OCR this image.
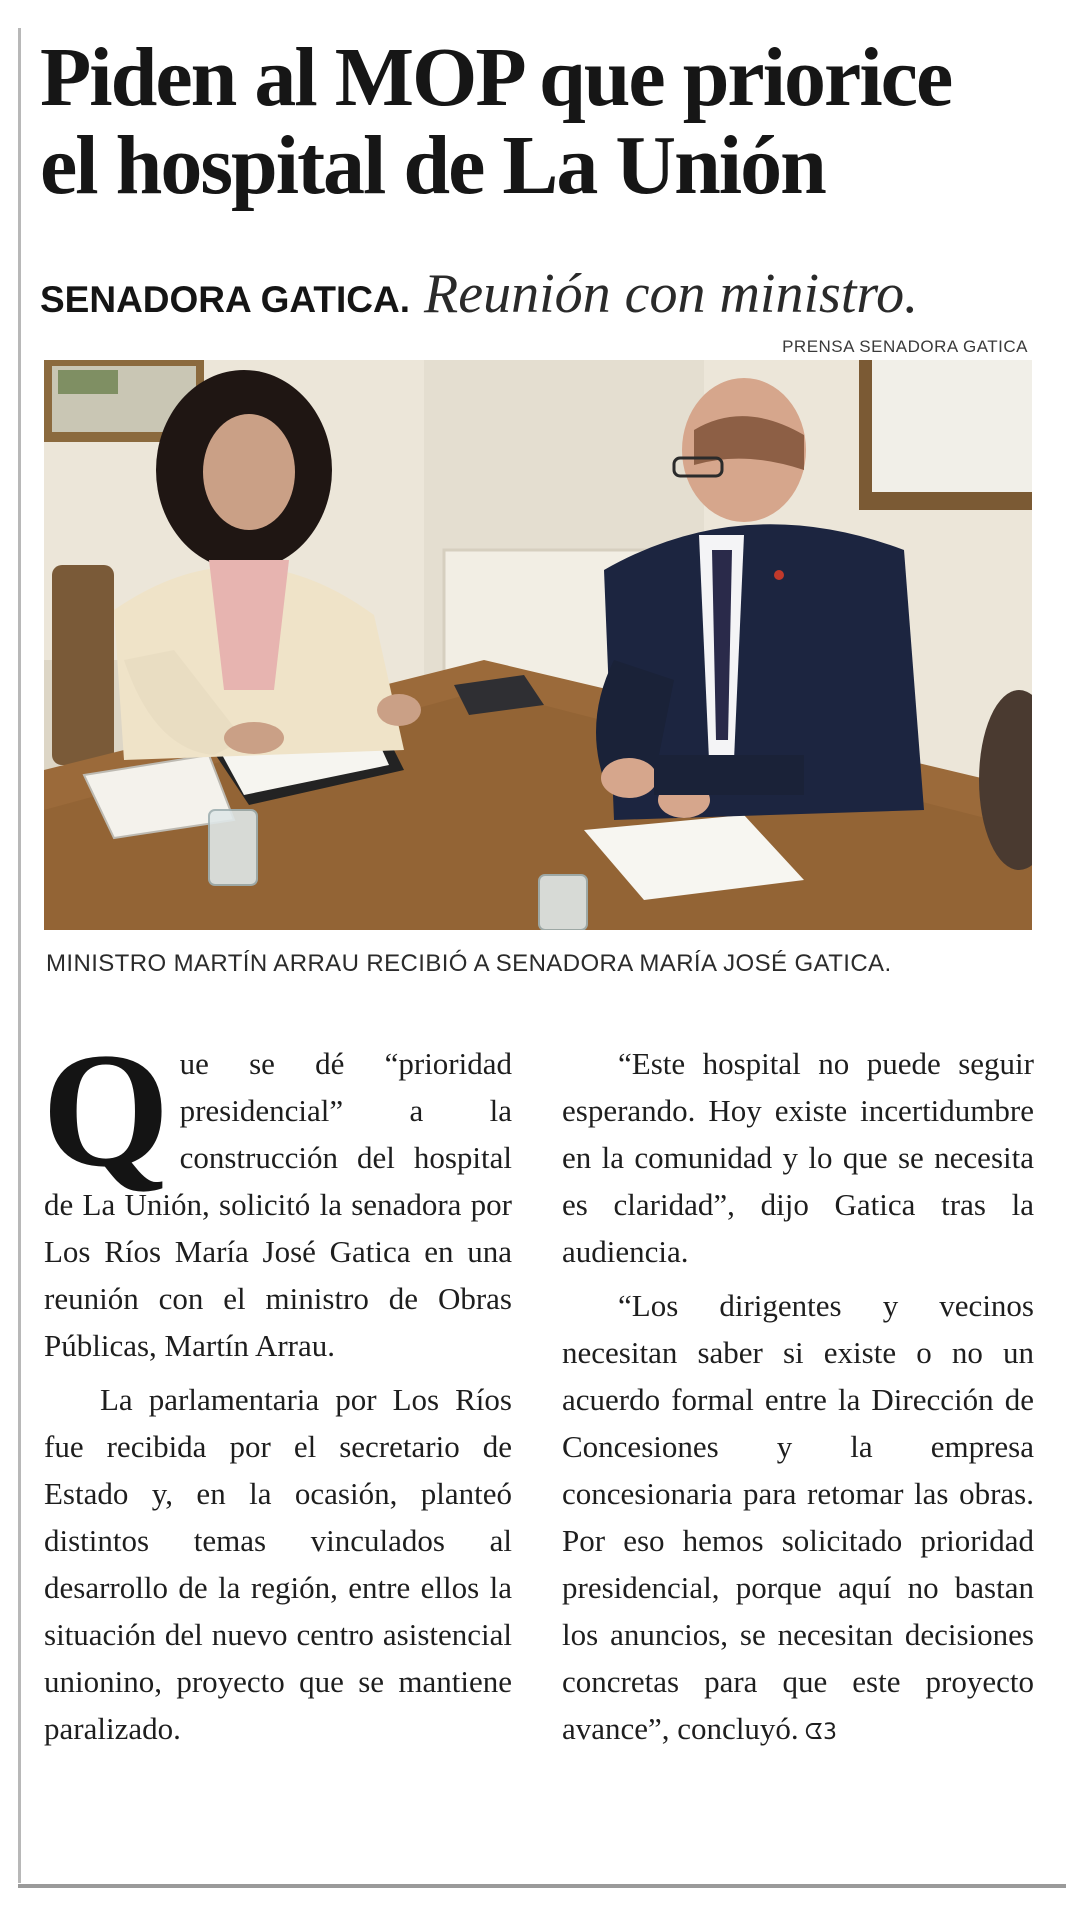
Piden al MOP que priorice
el hospital de La Unión
SENADORA GATICA. Reunión con ministro.
PRENSA SENADORA GATICA
MINISTRO MARTÍN ARRAU RECIBIÓ A SENADORA MARÍA JOSÉ GATICA.

Que se dé “prioridad presidencial” a la construcción del hospital de La Unión, solicitó la senadora por Los Ríos María José Gatica en una reunión con el ministro de Obras Públicas, Martín Arrau.

La parlamentaria por Los Ríos fue recibida por el secretario de Estado y, en la ocasión, planteó distintos temas vinculados al desarrollo de la región, entre ellos la situación del nuevo centro asistencial unionino, proyecto que se mantiene paralizado.

“Este hospital no puede seguir esperando. Hoy existe incertidumbre en la comunidad y lo que se necesita es claridad”, dijo Gatica tras la audiencia.

“Los dirigentes y vecinos necesitan saber si existe o no un acuerdo formal entre la Dirección de Concesiones y la empresa concesionaria para retomar las obras. Por eso hemos solicitado prioridad presidencial, porque aquí no bastan los anuncios, se necesitan decisiones concretas para que este proyecto avance”, concluyó. ᗧ3
